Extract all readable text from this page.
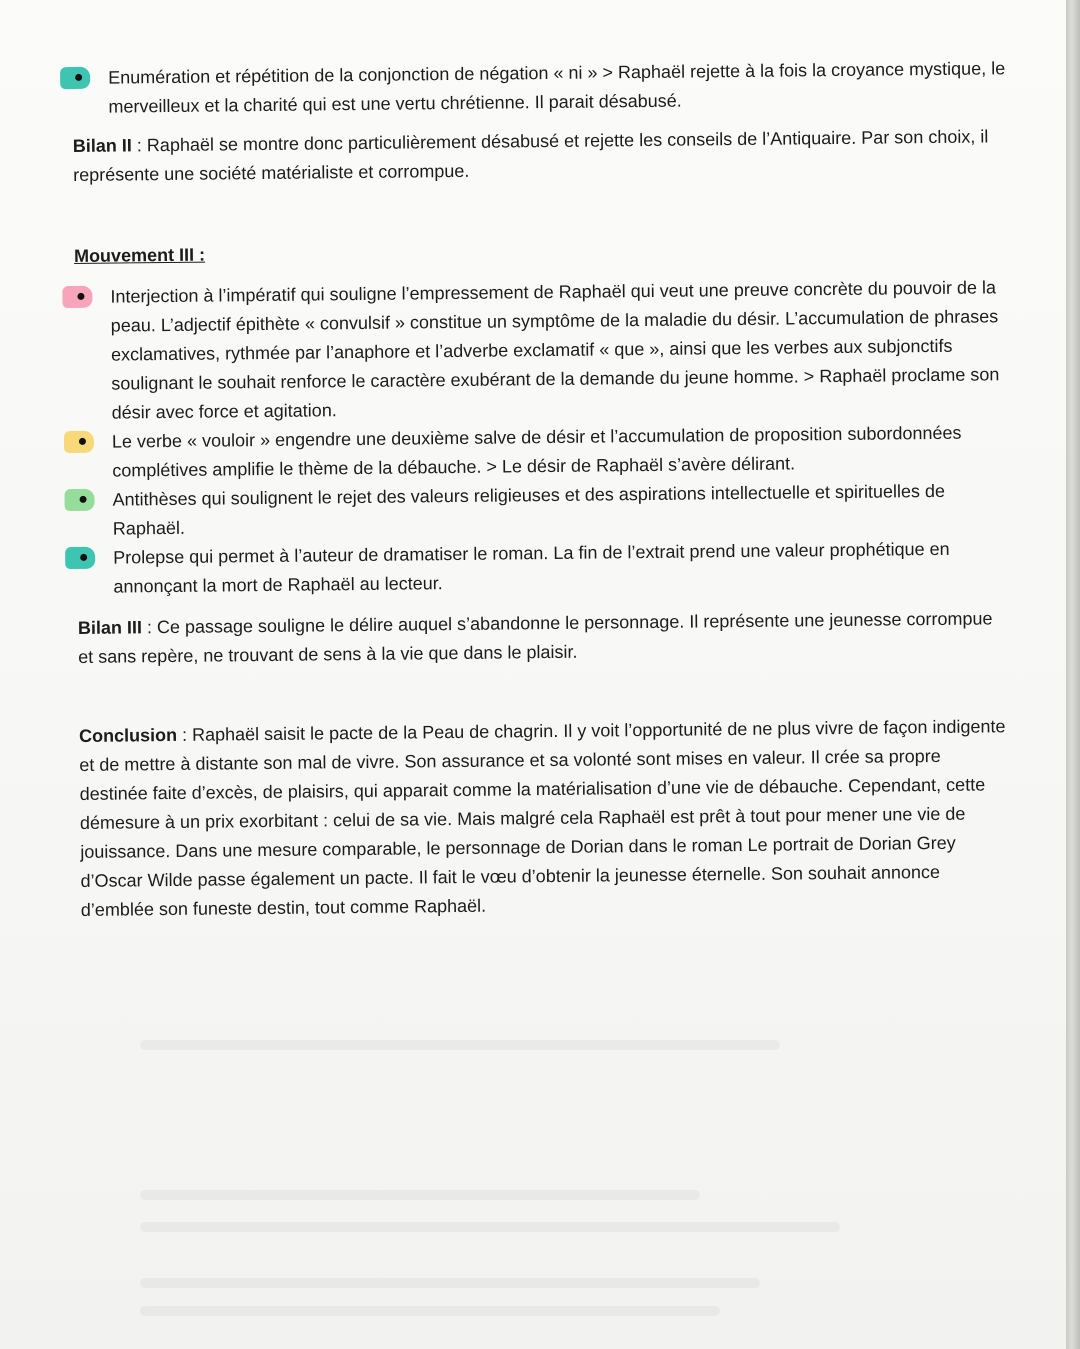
Enumération et répétition de la conjonction de négation « ni » > Raphaël rejette à la fois la croyance mystique, le merveilleux et la charité qui est une vertu chrétienne. Il parait désabusé.
Bilan II : Raphaël se montre donc particulièrement désabusé et rejette les conseils de l’Antiquaire. Par son choix, il représente une société matérialiste et corrompue.
Mouvement III :
Interjection à l’impératif qui souligne l’empressement de Raphaël qui veut une preuve concrète du pouvoir de la peau. L’adjectif épithète « convulsif » constitue un symptôme de la maladie du désir. L’accumulation de phrases exclamatives, rythmée par l’anaphore et l’adverbe exclamatif « que », ainsi que les verbes aux subjonctifs soulignant le souhait renforce le caractère exubérant de la demande du jeune homme. > Raphaël proclame son désir avec force et agitation.
Le verbe « vouloir » engendre une deuxième salve de désir et l’accumulation de proposition subordonnées complétives amplifie le thème de la débauche. > Le désir de Raphaël s’avère délirant.
Antithèses qui soulignent le rejet des valeurs religieuses et des aspirations intellectuelle et spirituelles de Raphaël.
Prolepse qui permet à l’auteur de dramatiser le roman. La fin de l’extrait prend une valeur prophétique en annonçant la mort de Raphaël au lecteur.
Bilan III : Ce passage souligne le délire auquel s’abandonne le personnage. Il représente une jeunesse corrompue et sans repère, ne trouvant de sens à la vie que dans le plaisir.
Conclusion : Raphaël saisit le pacte de la Peau de chagrin. Il y voit l’opportunité de ne plus vivre de façon indigente et de mettre à distante son mal de vivre. Son assurance et sa volonté sont mises en valeur. Il crée sa propre destinée faite d’excès, de plaisirs, qui apparait comme la matérialisation d’une vie de débauche. Cependant, cette démesure à un prix exorbitant : celui de sa vie. Mais malgré cela Raphaël est prêt à tout pour mener une vie de jouissance. Dans une mesure comparable, le personnage de Dorian dans le roman Le portrait de Dorian Grey d’Oscar Wilde passe également un pacte. Il fait le vœu d’obtenir la jeunesse éternelle. Son souhait annonce d’emblée son funeste destin, tout comme Raphaël.
